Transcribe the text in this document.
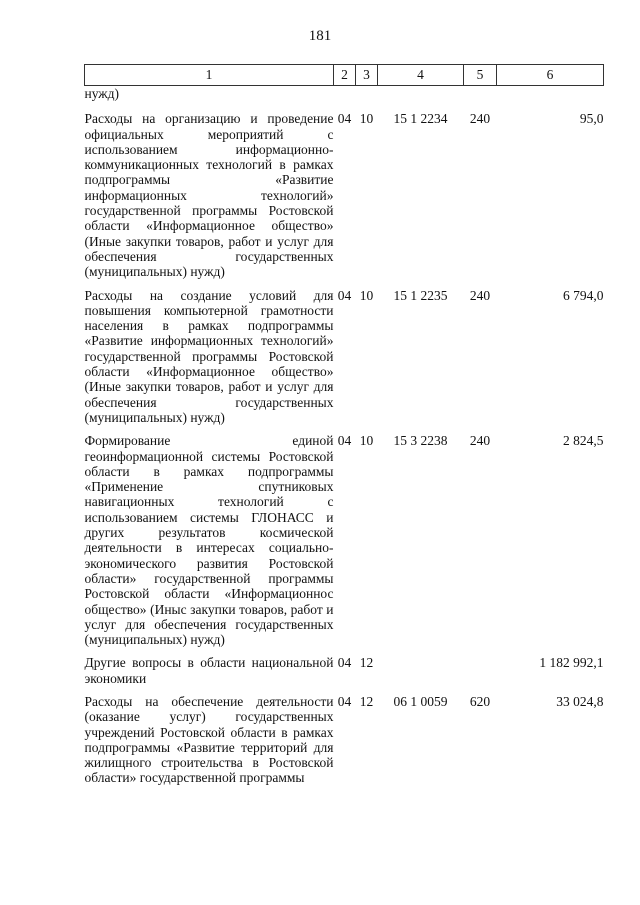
181
1	2	3	4	5	6
нужд)					
Расходы на организацию и проведение официальных мероприятий с использованием информационно-коммуникационных технологий в рамках подпрограммы «Развитие информационных технологий» государственной программы Ростовской области «Информационное общество» (Иные закупки товаров, работ и услуг для обеспечения государственных (муниципальных) нужд)	04	10	15 1 2234	240	95,0
Расходы на создание условий для повышения компьютерной грамотности населения в рамках подпрограммы «Развитие информационных технологий» государственной программы Ростовской области «Информационное общество» (Иные закупки товаров, работ и услуг для обеспечения государственных (муниципальных) нужд)	04	10	15 1 2235	240	6 794,0
Формирование единой геоинформационной системы Ростовской области в рамках подпрограммы «Применение спутниковых навигационных технологий с использованием системы ГЛОНАСС и других результатов космической деятельности в интересах социально-экономического развития Ростовской области» государственной программы Ростовской области «Информационнос общество» (Иныс закупки товаров, работ и услуг для обеспечения государственных (муниципальных) нужд)	04	10	15 3 2238	240	2 824,5
Другие вопросы в области национальной экономики	04	12			1 182 992,1
Расходы на обеспечение деятельности (оказание услуг) государственных учреждений Ростовской области в рамках подпрограммы «Развитие территорий для жилищного строительства в Ростовской области» государственной программы	04	12	06 1 0059	620	33 024,8
